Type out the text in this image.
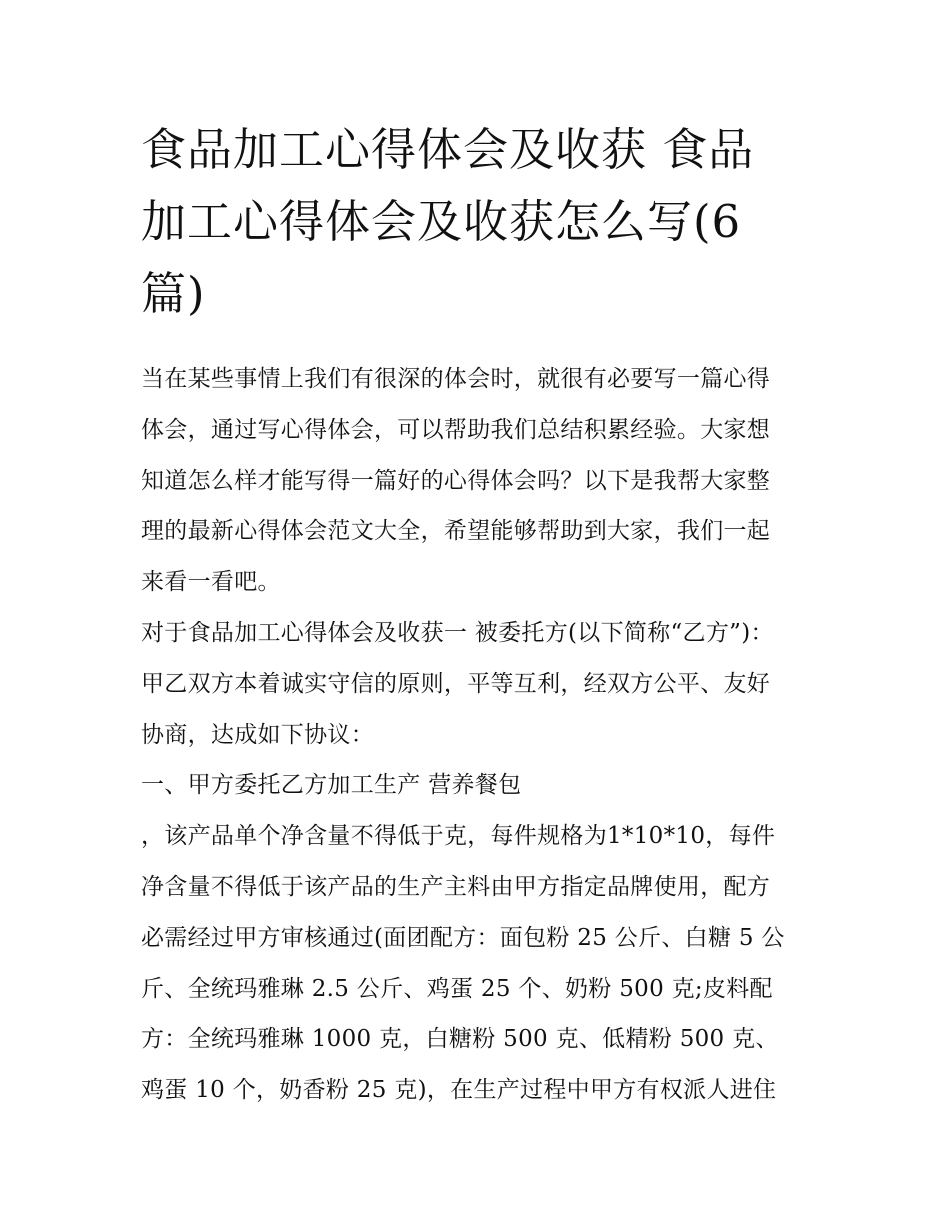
食品加工心得体会及收获 食品
加工心得体会及收获怎么写(6
篇)
当在某些事情上我们有很深的体会时，就很有必要写一篇心得
体会，通过写心得体会，可以帮助我们总结积累经验。大家想
知道怎么样才能写得一篇好的心得体会吗？以下是我帮大家整
理的最新心得体会范文大全，希望能够帮助到大家，我们一起
来看一看吧。
对于食品加工心得体会及收获一 被委托方(以下简称“乙方”)：
甲乙双方本着诚实守信的原则，平等互利，经双方公平、友好
协商，达成如下协议：
一、甲方委托乙方加工生产 营养餐包
，该产品单个净含量不得低于克，每件规格为1*10*10，每件
净含量不得低于该产品的生产主料由甲方指定品牌使用，配方
必需经过甲方审核通过(面团配方：面包粉 25 公斤、白糖 5 公
斤、全统玛雅琳 2.5 公斤、鸡蛋 25 个、奶粉 500 克;皮料配
方：全统玛雅琳 1000 克，白糖粉 500 克、低精粉 500 克、
鸡蛋 10 个，奶香粉 25 克)，在生产过程中甲方有权派人进住
